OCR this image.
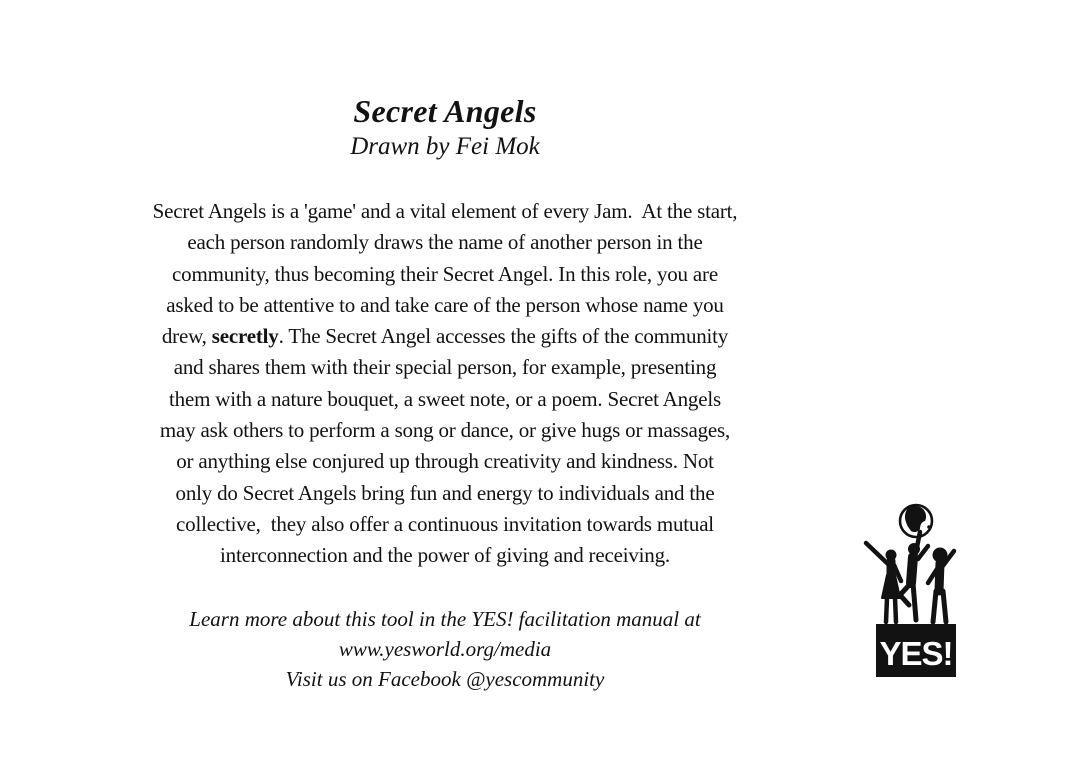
Secret Angels
Drawn by Fei Mok
Secret Angels is a 'game' and a vital element of every Jam.  At the start,
each person randomly draws the name of another person in the
community, thus becoming their Secret Angel. In this role, you are
asked to be attentive to and take care of the person whose name you
drew, secretly. The Secret Angel accesses the gifts of the community
and shares them with their special person, for example, presenting
them with a nature bouquet, a sweet note, or a poem. Secret Angels
may ask others to perform a song or dance, or give hugs or massages,
or anything else conjured up through creativity and kindness. Not
only do Secret Angels bring fun and energy to individuals and the
collective,  they also offer a continuous invitation towards mutual
interconnection and the power of giving and receiving.
Learn more about this tool in the YES! facilitation manual at
www.yesworld.org/media
Visit us on Facebook @yescommunity
YES!
